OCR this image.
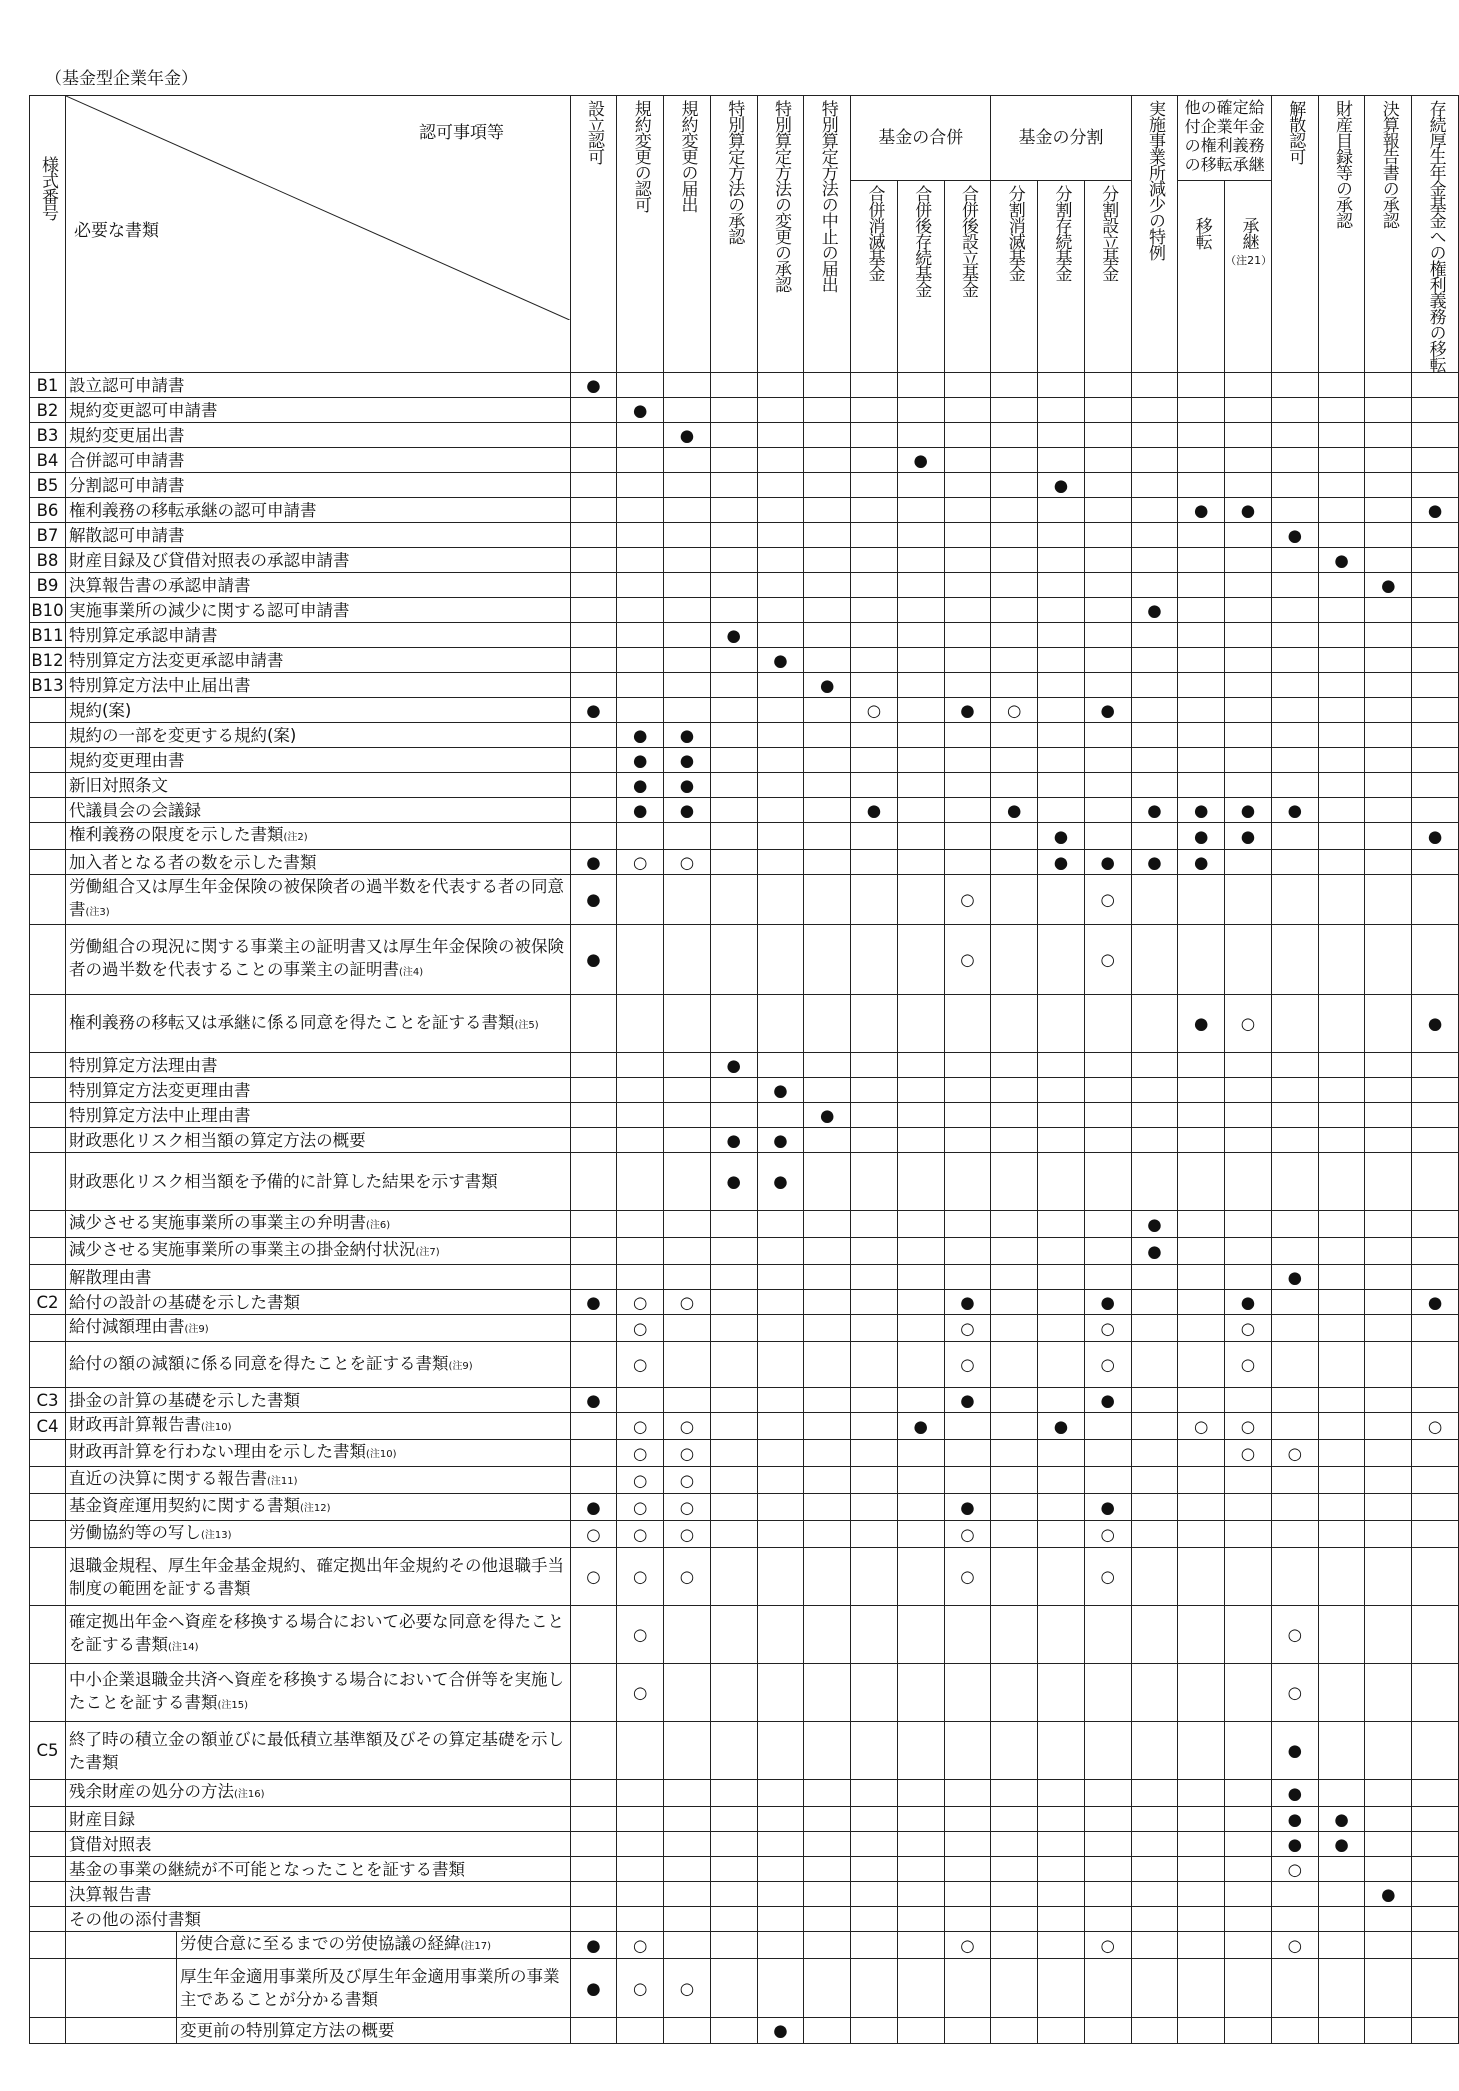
（基金型企業年金）
様式番号	認可事項等
必要な書類	設立認可	規約変更の認可	規約変更の届出	特別算定方法の承認	特別算定方法の変更の承認	特別算定方法の中止の届出	基金の合併			基金の分割			実施事業所減少の特例	他の確定給付企業年金の権利義務の移転承継		解散認可	財産目録等の承認	決算報告書の承認	存続厚生年金基金への権利義務の移転

								合併消滅基金	合併後存続基金	合併後設立基金	分割消滅基金	分割存続基金	分割設立基金		移転	承継
（注21）				

B1	設立認可申請書	●																		
B2	規約変更認可申請書		●																	
B3	規約変更届出書			●																
B4	合併認可申請書								●											
B5	分割認可申請書											●								
B6	権利義務の移転承継の認可申請書														●	●				●
B7	解散認可申請書																●			
B8	財産目録及び貸借対照表の承認申請書																	●		
B9	決算報告書の承認申請書																		●	
B10	実施事業所の減少に関する認可申請書													●						
B11	特別算定承認申請書				●															
B12	特別算定方法変更承認申請書					●														
B13	特別算定方法中止届出書						●													
	規約(案)	●						○		●	○		●							
	規約の一部を変更する規約(案)		●	●																
	規約変更理由書		●	●																
	新旧対照条文		●	●																
	代議員会の会議録		●	●				●			●			●	●	●	●			
	権利義務の限度を示した書類(注2)											●			●	●				●
	加入者となる者の数を示した書類	●	○	○								●	●	●	●					
	労働組合又は厚生年金保険の被保険者の過半数を代表する者の同意書(注3)	●								○			○							
	労働組合の現況に関する事業主の証明書又は厚生年金保険の被保険者の過半数を代表することの事業主の証明書(注4)	●								○			○							
	権利義務の移転又は承継に係る同意を得たことを証する書類(注5)														●	○				●
	特別算定方法理由書				●															
	特別算定方法変更理由書					●														
	特別算定方法中止理由書						●													
	財政悪化リスク相当額の算定方法の概要				●	●														
	財政悪化リスク相当額を予備的に計算した結果を示す書類				●	●														
	減少させる実施事業所の事業主の弁明書(注6)													●						
	減少させる実施事業所の事業主の掛金納付状況(注7)													●						
	解散理由書																●			
C2	給付の設計の基礎を示した書類	●	○	○						●			●			●				●
	給付減額理由書(注9)		○							○			○			○				
	給付の額の減額に係る同意を得たことを証する書類(注9)		○							○			○			○				
C3	掛金の計算の基礎を示した書類	●								●			●							
C4	財政再計算報告書(注10)		○	○					●			●			○	○				○
	財政再計算を行わない理由を示した書類(注10)		○	○												○	○			
	直近の決算に関する報告書(注11)		○	○																
	基金資産運用契約に関する書類(注12)	●	○	○						●			●							
	労働協約等の写し(注13)	○	○	○						○			○							
	退職金規程、厚生年金基金規約、確定拠出年金規約その他退職手当制度の範囲を証する書類	○	○	○						○			○							
	確定拠出年金へ資産を移換する場合において必要な同意を得たことを証する書類(注14)		○														○			
	中小企業退職金共済へ資産を移換する場合において合併等を実施したことを証する書類(注15)		○														○			
C5	終了時の積立金の額並びに最低積立基準額及びその算定基礎を示した書類																●			
	残余財産の処分の方法(注16)																●			
	財産目録																●	●		
	貸借対照表																●	●		
	基金の事業の継続が不可能となったことを証する書類																○			
	決算報告書																		●	
	その他の添付書類																			

	労使合意に至るまでの労使協議の経緯(注17)	●	○							○			○				○			

	厚生年金適用事業所及び厚生年金適用事業所の事業主であることが分かる書類	●	○	○																

	変更前の特別算定方法の概要					●														
